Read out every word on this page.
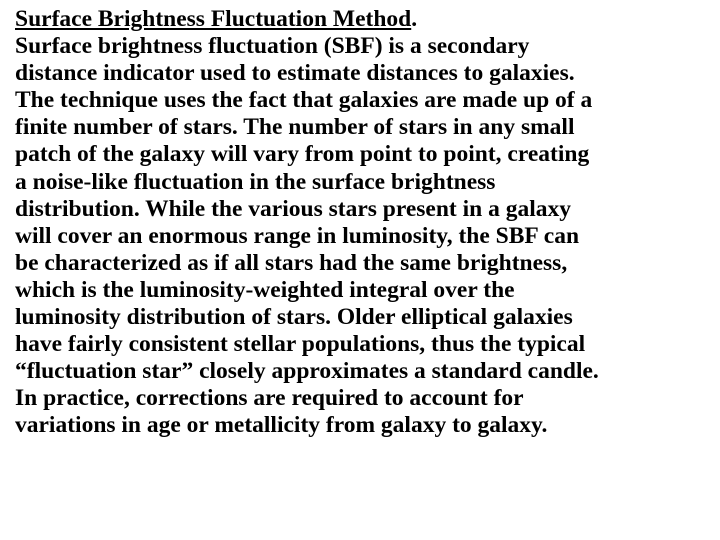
Surface Brightness Fluctuation Method.
Surface brightness fluctuation (SBF) is a secondary
distance indicator used to estimate distances to galaxies.
The technique uses the fact that galaxies are made up of a
finite number of stars. The number of stars in any small
patch of the galaxy will vary from point to point, creating
a noise-like fluctuation in the surface brightness
distribution. While the various stars present in a galaxy
will cover an enormous range in luminosity, the SBF can
be characterized as if all stars had the same brightness,
which is the luminosity-weighted integral over the
luminosity distribution of stars. Older elliptical galaxies
have fairly consistent stellar populations, thus the typical
“fluctuation star” closely approximates a standard candle.
In practice, corrections are required to account for
variations in age or metallicity from galaxy to galaxy.
